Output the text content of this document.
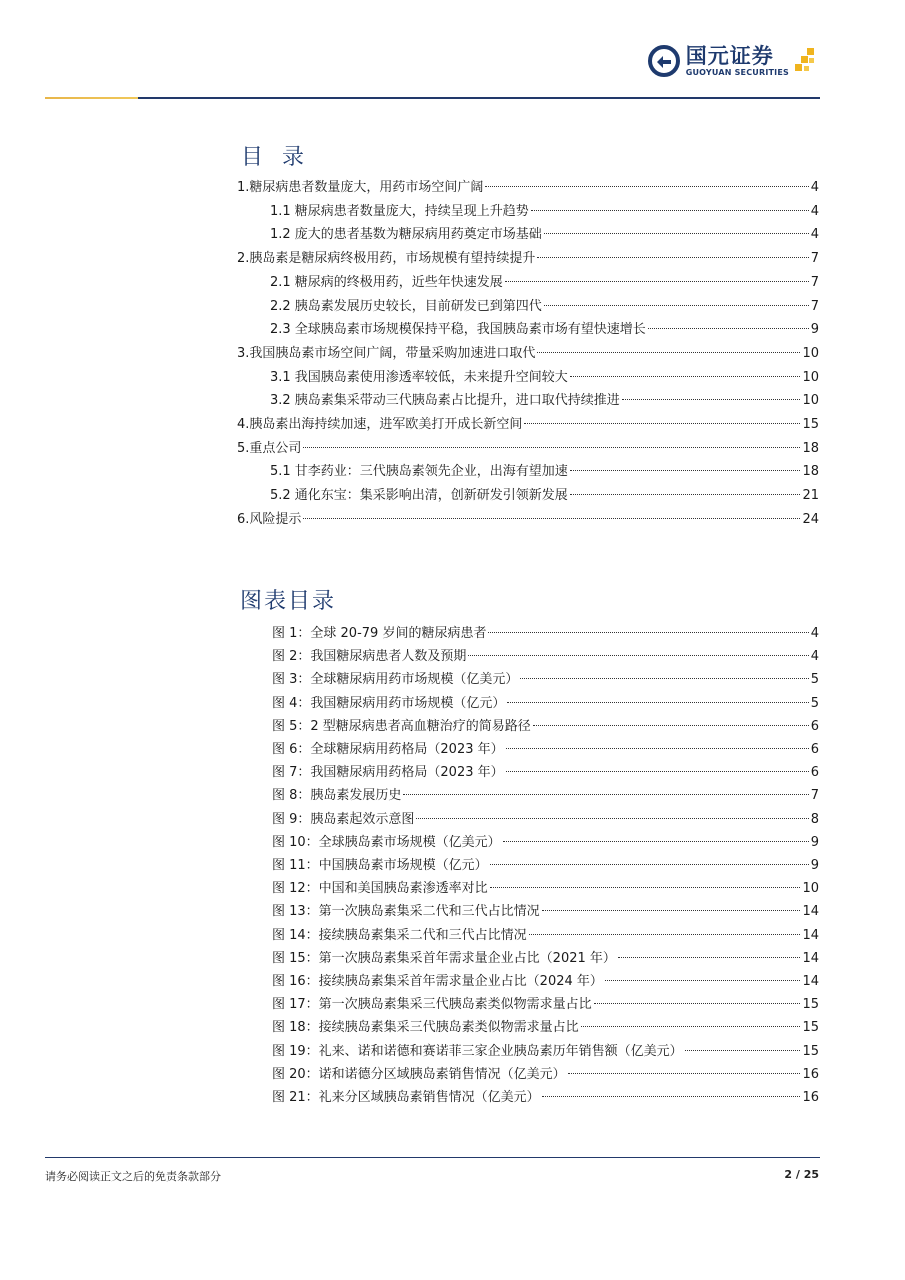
国元证券
GUOYUAN SECURITIES
目 录
1.糖尿病患者数量庞大，用药市场空间广阔	4
1.1 糖尿病患者数量庞大，持续呈现上升趋势	4
1.2 庞大的患者基数为糖尿病用药奠定市场基础	4
2.胰岛素是糖尿病终极用药，市场规模有望持续提升	7
2.1 糖尿病的终极用药，近些年快速发展	7
2.2 胰岛素发展历史较长，目前研发已到第四代	7
2.3 全球胰岛素市场规模保持平稳，我国胰岛素市场有望快速增长	9
3.我国胰岛素市场空间广阔，带量采购加速进口取代	10
3.1 我国胰岛素使用渗透率较低，未来提升空间较大	10
3.2 胰岛素集采带动三代胰岛素占比提升，进口取代持续推进	10
4.胰岛素出海持续加速，进军欧美打开成长新空间	15
5.重点公司	18
5.1 甘李药业：三代胰岛素领先企业，出海有望加速	18
5.2 通化东宝：集采影响出清，创新研发引领新发展	21
6.风险提示	24
图表目录
图 1：全球 20-79 岁间的糖尿病患者	4
图 2：我国糖尿病患者人数及预期	4
图 3：全球糖尿病用药市场规模（亿美元）	5
图 4：我国糖尿病用药市场规模（亿元）	5
图 5：2 型糖尿病患者高血糖治疗的简易路径	6
图 6：全球糖尿病用药格局（2023 年）	6
图 7：我国糖尿病用药格局（2023 年）	6
图 8：胰岛素发展历史	7
图 9：胰岛素起效示意图	8
图 10：全球胰岛素市场规模（亿美元）	9
图 11：中国胰岛素市场规模（亿元）	9
图 12：中国和美国胰岛素渗透率对比	10
图 13：第一次胰岛素集采二代和三代占比情况	14
图 14：接续胰岛素集采二代和三代占比情况	14
图 15：第一次胰岛素集采首年需求量企业占比（2021 年）	14
图 16：接续胰岛素集采首年需求量企业占比（2024 年）	14
图 17：第一次胰岛素集采三代胰岛素类似物需求量占比	15
图 18：接续胰岛素集采三代胰岛素类似物需求量占比	15
图 19：礼来、诺和诺德和赛诺菲三家企业胰岛素历年销售额（亿美元）	15
图 20：诺和诺德分区域胰岛素销售情况（亿美元）	16
图 21：礼来分区域胰岛素销售情况（亿美元）	16
请务必阅读正文之后的免责条款部分	2 / 25
